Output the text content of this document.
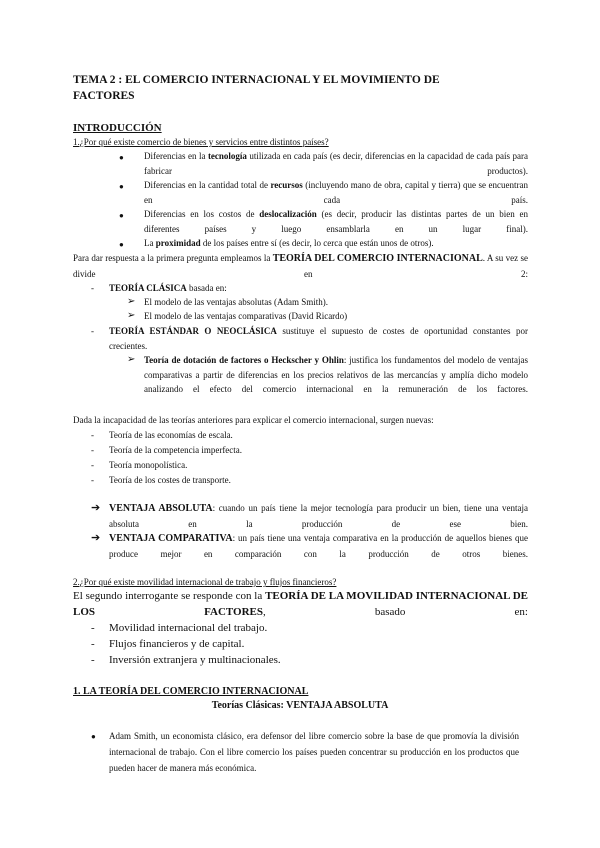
TEMA 2 : EL COMERCIO INTERNACIONAL Y EL MOVIMIENTO DE
FACTORES
INTRODUCCIÓN
1.¿Por qué existe comercio de bienes y servicios entre distintos países?
● Diferencias en la tecnología utilizada en cada país (es decir, diferencias en la capacidad de cada país para fabricar productos).
● Diferencias en la cantidad total de recursos (incluyendo mano de obra, capital y tierra) que se encuentran en cada país.
● Diferencias en los costos de deslocalización (es decir, producir las distintas partes de un bien en diferentes países y luego ensamblarla en un lugar final).
● La proximidad de los países entre sí (es decir, lo cerca que están unos de otros).
Para dar respuesta a la primera pregunta empleamos la TEORÍA DEL COMERCIO INTERNACIONAL. A su vez se divide en 2:
- TEORÍA CLÁSICA basada en:
➢ El modelo de las ventajas absolutas (Adam Smith).
➢ El modelo de las ventajas comparativas (David Ricardo)
- TEORÍA ESTÁNDAR O NEOCLÁSICA sustituye el supuesto de costes de oportunidad constantes por crecientes.
➢ Teoría de dotación de factores o Heckscher y Ohlin: justifica los fundamentos del modelo de ventajas comparativas a partir de diferencias en los precios relativos de las mercancías y amplía dicho modelo analizando el efecto del comercio internacional en la remuneración de los factores.
Dada la incapacidad de las teorías anteriores para explicar el comercio internacional, surgen nuevas:
- Teoría de las economías de escala.
- Teoría de la competencia imperfecta.
- Teoría monopolística.
- Teoría de los costes de transporte.
➔ VENTAJA ABSOLUTA: cuando un país tiene la mejor tecnología para producir un bien, tiene una ventaja absoluta en la producción de ese bien.
➔ VENTAJA COMPARATIVA: un país tiene una ventaja comparativa en la producción de aquellos bienes que produce mejor en comparación con la producción de otros bienes.
2.¿Por qué existe movilidad internacional de trabajo y flujos financieros?
El segundo interrogante se responde con la TEORÍA DE LA MOVILIDAD INTERNACIONAL DE LOS FACTORES, basado en:
- Movilidad internacional del trabajo.
- Flujos financieros y de capital.
- Inversión extranjera y multinacionales.
1. LA TEORÍA DEL COMERCIO INTERNACIONAL
Teorías Clásicas: VENTAJA ABSOLUTA
● Adam Smith, un economista clásico, era defensor del libre comercio sobre la base de que promovía la división internacional de trabajo. Con el libre comercio los países pueden concentrar su producción en los productos que pueden hacer de manera más económica.
